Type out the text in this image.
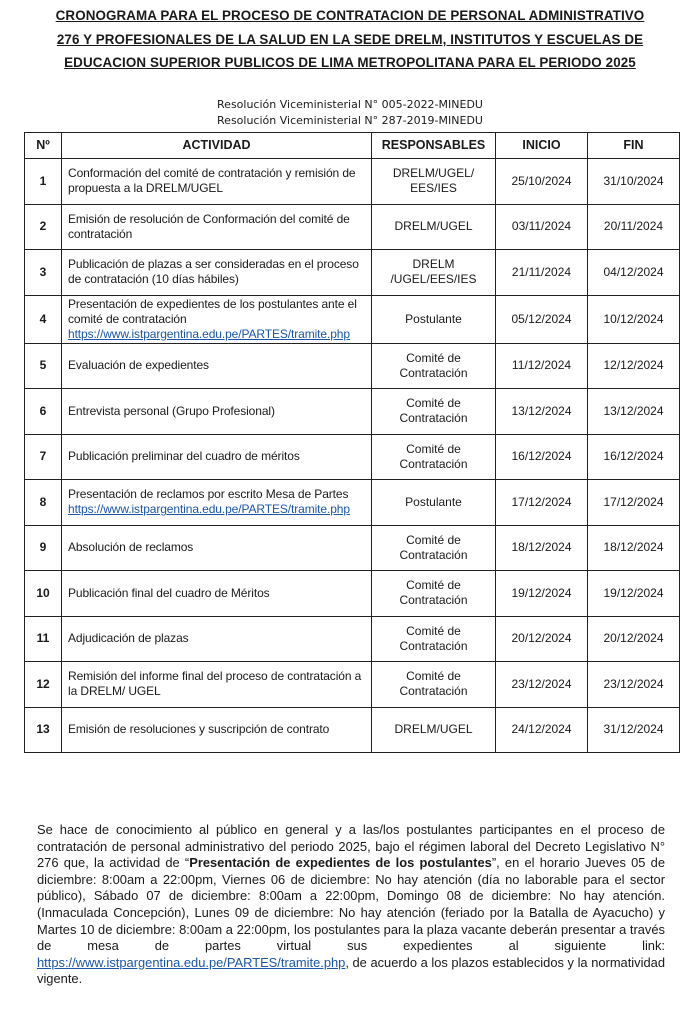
CRONOGRAMA PARA EL PROCESO DE CONTRATACION DE PERSONAL ADMINISTRATIVO
276 Y PROFESIONALES DE LA SALUD EN LA SEDE DRELM, INSTITUTOS Y ESCUELAS DE
EDUCACION SUPERIOR PUBLICOS DE LIMA METROPOLITANA PARA EL PERIODO 2025
Resolución Viceministerial N° 005-2022-MINEDU
Resolución Viceministerial N° 287-2019-MINEDU
Nº	ACTIVIDAD	RESPONSABLES	INICIO	FIN
1	Conformación del comité de contratación y remisión de propuesta a la DRELM/UGEL	DRELM/UGEL/ EES/IES	25/10/2024	31/10/2024
2	Emisión de resolución de Conformación del comité de contratación	DRELM/UGEL	03/11/2024	20/11/2024
3	Publicación de plazas a ser consideradas en el proceso de contratación (10 días hábiles)	DRELM /UGEL/EES/IES	21/11/2024	04/12/2024
4	Presentación de expedientes de los postulantes ante el comité de contratación
https://www.istpargentina.edu.pe/PARTES/tramite.php	Postulante	05/12/2024	10/12/2024
5	Evaluación de expedientes	Comité de Contratación	11/12/2024	12/12/2024
6	Entrevista personal (Grupo Profesional)	Comité de Contratación	13/12/2024	13/12/2024
7	Publicación preliminar del cuadro de méritos	Comité de Contratación	16/12/2024	16/12/2024
8	Presentación de reclamos por escrito Mesa de Partes
https://www.istpargentina.edu.pe/PARTES/tramite.php	Postulante	17/12/2024	17/12/2024
9	Absolución de reclamos	Comité de Contratación	18/12/2024	18/12/2024
10	Publicación final del cuadro de Méritos	Comité de Contratación	19/12/2024	19/12/2024
11	Adjudicación de plazas	Comité de Contratación	20/12/2024	20/12/2024
12	Remisión del informe final del proceso de contratación a la DRELM/ UGEL	Comité de Contratación	23/12/2024	23/12/2024
13	Emisión de resoluciones y suscripción de contrato	DRELM/UGEL	24/12/2024	31/12/2024

Se hace de conocimiento al público en general y a las/los postulantes participantes en el proceso de contratación de personal administrativo del periodo 2025, bajo el régimen laboral del Decreto Legislativo N° 276 que, la actividad de “Presentación de expedientes de los postulantes”, en el horario Jueves 05 de diciembre: 8:00am a 22:00pm, Viernes 06 de diciembre: No hay atención (día no laborable para el sector público), Sábado 07 de diciembre: 8:00am a 22:00pm, Domingo 08 de diciembre: No hay atención. (Inmaculada Concepción), Lunes 09 de diciembre: No hay atención (feriado por la Batalla de Ayacucho) y Martes 10 de diciembre: 8:00am a 22:00pm, los postulantes para la plaza vacante deberán presentar a través de mesa de partes virtual sus expedientes al siguiente link: https://www.istpargentina.edu.pe/PARTES/tramite.php, de acuerdo a los plazos establecidos y la normatividad vigente.
